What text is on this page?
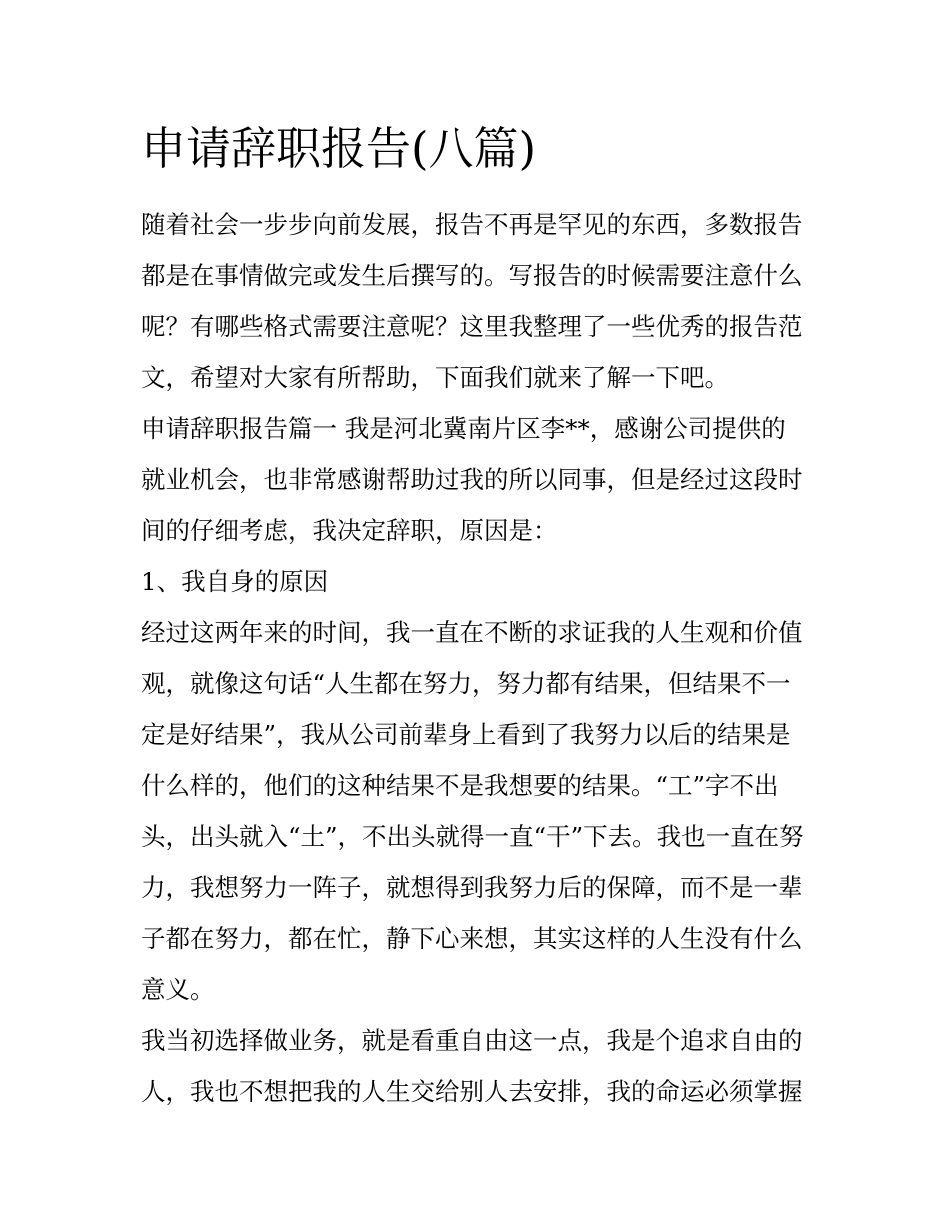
申请辞职报告(八篇)
随着社会一步步向前发展，报告不再是罕见的东西，多数报告
都是在事情做完或发生后撰写的。写报告的时候需要注意什么
呢？有哪些格式需要注意呢？这里我整理了一些优秀的报告范
文，希望对大家有所帮助，下面我们就来了解一下吧。
申请辞职报告篇一 我是河北冀南片区李**，感谢公司提供的
就业机会，也非常感谢帮助过我的所以同事，但是经过这段时
间的仔细考虑，我决定辞职，原因是：
1、我自身的原因
经过这两年来的时间，我一直在不断的求证我的人生观和价值
观，就像这句话“人生都在努力，努力都有结果，但结果不一
定是好结果”，我从公司前辈身上看到了我努力以后的结果是
什么样的，他们的这种结果不是我想要的结果。“工”字不出
头，出头就入“土”，不出头就得一直“干”下去。我也一直在努
力，我想努力一阵子，就想得到我努力后的保障，而不是一辈
子都在努力，都在忙，静下心来想，其实这样的人生没有什么
意义。
我当初选择做业务，就是看重自由这一点，我是个追求自由的
人，我也不想把我的人生交给别人去安排，我的命运必须掌握
